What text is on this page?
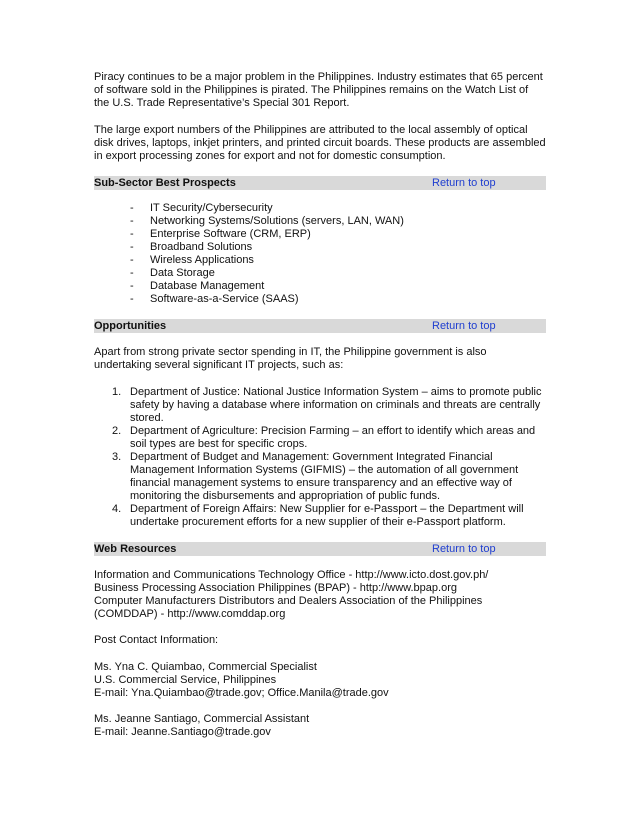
Piracy continues to be a major problem in the Philippines. Industry estimates that 65 percent of software sold in the Philippines is pirated. The Philippines remains on the Watch List of the U.S. Trade Representative’s Special 301 Report.

The large export numbers of the Philippines are attributed to the local assembly of optical disk drives, laptops, inkjet printers, and printed circuit boards. These products are assembled in export processing zones for export and not for domestic consumption.

Sub-Sector Best Prospects	Return to top
- IT Security/Cybersecurity
- Networking Systems/Solutions (servers, LAN, WAN)
- Enterprise Software (CRM, ERP)
- Broadband Solutions
- Wireless Applications
- Data Storage
- Database Management
- Software-as-a-Service (SAAS)
Opportunities	Return to top

Apart from strong private sector spending in IT, the Philippine government is also undertaking several significant IT projects, such as:

1. Department of Justice: National Justice Information System – aims to promote public safety by having a database where information on criminals and threats are centrally stored.
2. Department of Agriculture: Precision Farming – an effort to identify which areas and soil types are best for specific crops.
3. Department of Budget and Management: Government Integrated Financial Management Information Systems (GIFMIS) – the automation of all government financial management systems to ensure transparency and an effective way of monitoring the disbursements and appropriation of public funds.
4. Department of Foreign Affairs: New Supplier for e-Passport – the Department will undertake procurement efforts for a new supplier of their e-Passport platform.
Web Resources	Return to top

Information and Communications Technology Office - http://www.icto.dost.gov.ph/

Business Processing Association Philippines (BPAP) - http://www.bpap.org

Computer Manufacturers Distributors and Dealers Association of the Philippines (COMDDAP) - http://www.comddap.org

Post Contact Information:

Ms. Yna C. Quiambao, Commercial Specialist

U.S. Commercial Service, Philippines

E-mail: Yna.Quiambao@trade.gov; Office.Manila@trade.gov

Ms. Jeanne Santiago, Commercial Assistant

E-mail: Jeanne.Santiago@trade.gov
